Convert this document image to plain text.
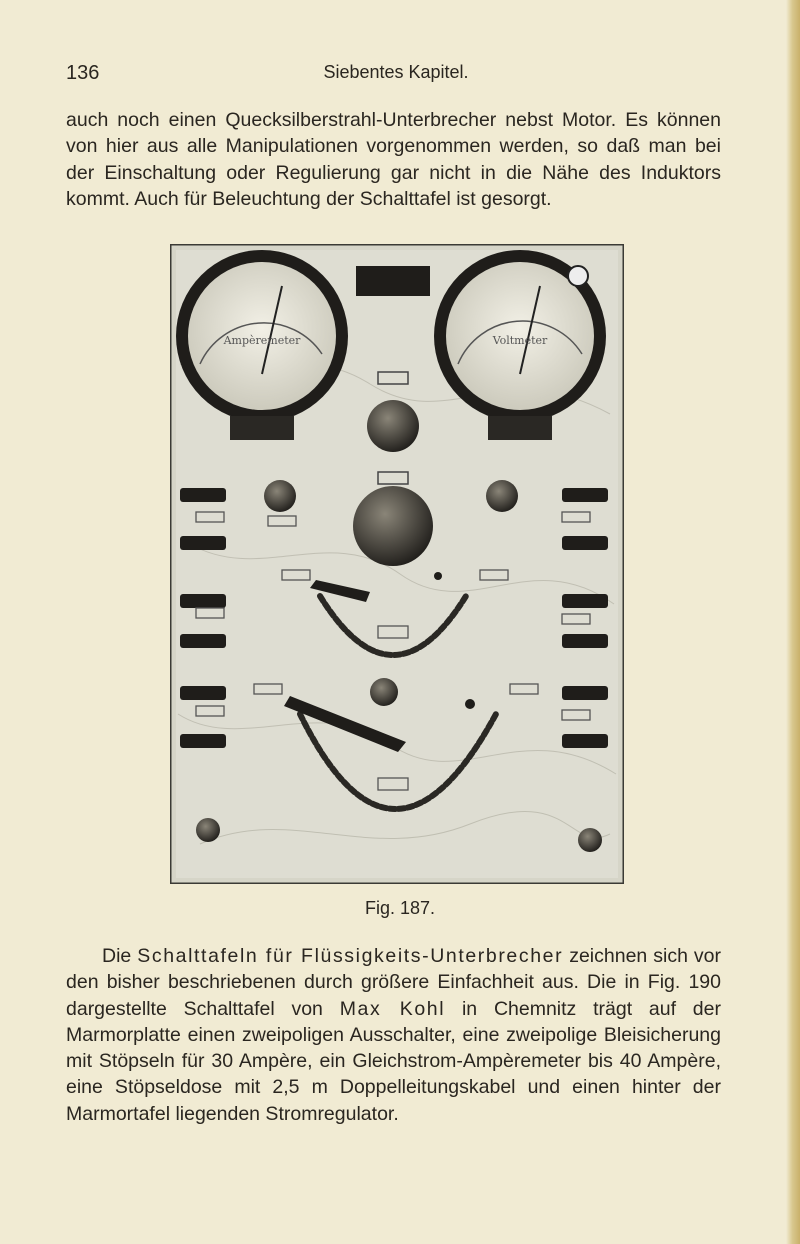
136	Siebentes Kapitel.

auch noch einen Quecksilberstrahl-Unterbrecher nebst Motor. Es können von hier aus alle Manipulationen vorgenommen werden, so daß man bei der Einschaltung oder Regulierung gar nicht in die Nähe des Induktors kommt. Auch für Beleuchtung der Schalttafel ist gesorgt.

Ampèremeter	Voltmeter
Fig. 187.

Die Schalttafeln für Flüssigkeits-Unterbrecher zeichnen sich vor den bisher beschriebenen durch größere Einfachheit aus. Die in Fig. 190 dargestellte Schalttafel von Max Kohl in Chemnitz trägt auf der Marmorplatte einen zweipoligen Ausschalter, eine zweipolige Bleisicherung mit Stöpseln für 30 Ampère, ein Gleichstrom-Ampèremeter bis 40 Ampère, eine Stöpseldose mit 2,5 m Doppelleitungskabel und einen hinter der Marmortafel liegenden Stromregulator.
